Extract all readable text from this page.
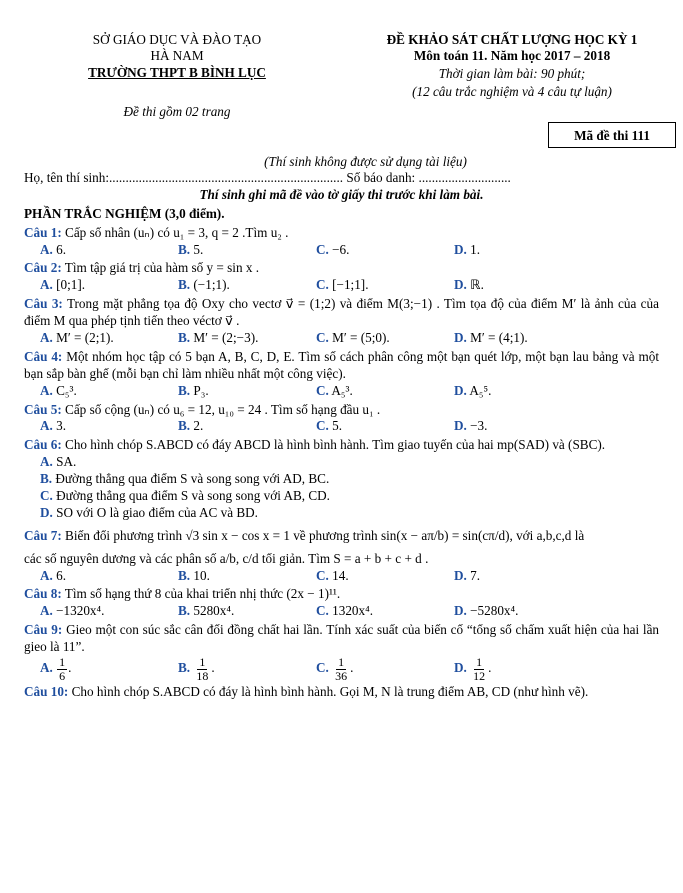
SỞ GIÁO DỤC VÀ ĐÀO TẠO
HÀ NAM
TRƯỜNG THPT B BÌNH LỤC
Đề thi gồm 02 trang
ĐỀ KHẢO SÁT CHẤT LƯỢNG HỌC KỲ 1
Môn toán 11. Năm học 2017 – 2018
Thời gian làm bài: 90 phút;
(12 câu trắc nghiệm và 4 câu tự luận)
Mã đề thi 111
(Thí sinh không được sử dụng tài liệu)
Họ, tên thí sinh:....................................................................... Số báo danh: ............................
Thí sinh ghi mã đề vào tờ giấy thi trước khi làm bài.
PHẦN TRẮC NGHIỆM (3,0 điểm).
Câu 1: Cấp số nhân (uₙ) có u₁ = 3, q = 2 .Tìm u₂ .
A. 6.	B. 5.	C. −6.	D. 1.
Câu 2: Tìm tập giá trị của hàm số y = sin x .
A. [0;1].	B. (−1;1).	C. [−1;1].	D. ℝ.
Câu 3: Trong mặt phẳng tọa độ Oxy cho vectơ v⃗ = (1;2) và điểm M(3;−1) . Tìm tọa độ của điểm M′ là ảnh của của điểm M qua phép tịnh tiến theo véctơ v⃗ .
A. M′ = (2;1).	B. M′ = (2;−3).	C. M′ = (5;0).	D. M′ = (4;1).
Câu 4: Một nhóm học tập có 5 bạn A, B, C, D, E. Tìm số cách phân công một bạn quét lớp, một bạn lau bảng và một bạn sắp bàn ghế (mỗi bạn chỉ làm nhiều nhất một công việc).
A. C₅³.	B. P₃.	C. A₅³.	D. A₅⁵.
Câu 5: Cấp số cộng (uₙ) có u₆ = 12, u₁₀ = 24 . Tìm số hạng đầu u₁ .
A. 3.	B. 2.	C. 5.	D. −3.
Câu 6: Cho hình chóp S.ABCD có đáy ABCD là hình bình hành. Tìm giao tuyến của hai mp(SAD) và (SBC).
A. SA.
B. Đường thẳng qua điểm S và song song với AD, BC.
C. Đường thẳng qua điểm S và song song với AB, CD.
D. SO với O là giao điểm của AC và BD.
Câu 7: Biến đổi phương trình √3 sin x − cos x = 1 về phương trình sin(x − aπ/b) = sin(cπ/d), với a,b,c,d là
các số nguyên dương và các phân số a/b, c/d tối giản. Tìm S = a + b + c + d .
A. 6.	B. 10.	C. 14.	D. 7.
Câu 8: Tìm số hạng thứ 8 của khai triển nhị thức (2x − 1)¹¹.
A. −1320x⁴.	B. 5280x⁴.	C. 1320x⁴.	D. −5280x⁴.
Câu 9: Gieo một con súc sắc cân đối đồng chất hai lần. Tính xác suất của biến cố “tổng số chấm xuất hiện của hai lần gieo là 11”.
A. $\frac{1}{6}$ .	B. $\frac{1}{18}$ .	C. $\frac{1}{36}$ .	D. $\frac{1}{12}$ .
Câu 10: Cho hình chóp S.ABCD có đáy là hình bình hành. Gọi M, N là trung điểm AB, CD (như hình vẽ).
